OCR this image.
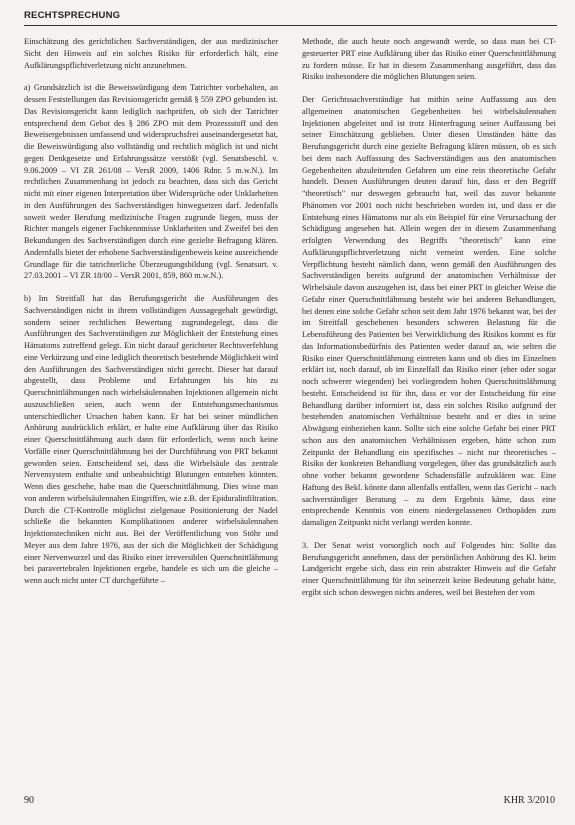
RECHTSPRECHUNG

Einschätzung des gerichtlichen Sachverständigen, der aus medizinischer Sicht den Hinweis auf ein solches Risiko für erforderlich hält, eine Aufklärungspflichtverletzung nicht anzunehmen.

a) Grundsätzlich ist die Beweiswürdigung dem Tatrichter vorbehalten, an dessen Feststellungen das Revisionsgericht gemäß § 559 ZPO gebunden ist. Das Revisionsgericht kann lediglich nachprüfen, ob sich der Tatrichter entsprechend dem Gebot des § 286 ZPO mit dem Prozessstoff und den Beweisergebnissen umfassend und widerspruchsfrei auseinandergesetzt hat, die Beweiswürdigung also vollständig und rechtlich möglich ist und nicht gegen Denkgesetze und Erfahrungssätze verstößt (vgl. Senatsbeschl. v. 9.06.2009 – VI ZR 261/08 – VersR 2009, 1406 Rdnr. 5 m.w.N.). Im rechtlichen Zusammenhang ist jedoch zu beachten, dass sich das Gericht nicht mit einer eigenen Interpretation über Widersprüche oder Unklarheiten in den Ausführungen des Sachverständigen hinwegsetzen darf. Jedenfalls soweit weder Berufung medizinische Fragen zugrunde liegen, muss der Richter mangels eigener Fachkenntnisse Unklarheiten und Zweifel bei den Bekundungen des Sachverständigen durch eine gezielte Befragung klären. Andernfalls bietet der erhobene Sachverständigenbeweis keine ausreichende Grundlage für die tatrichterliche Überzeugungsbildung (vgl. Senatsurt. v. 27.03.2001 – VI ZR 18/00 – VersR 2001, 859, 860 m.w.N.).

b) Im Streitfall hat das Berufungsgericht die Ausführungen des Sachverständigen nicht in ihrem vollständigen Aussagegehalt gewürdigt, sondern seiner rechtlichen Bewertung zugrundegelegt, dass die Ausführungen des Sachverständigen zur Möglichkeit der Entstehung eines Hämatoms zutreffend gelegt. Ein nicht darauf gerichteter Rechtsverfehlung eine Verkürzung und eine lediglich theoretisch bestehende Möglichkeit wird den Ausführungen des Sachverständigen nicht gerecht. Dieser hat darauf abgestellt, dass Probleme und Erfahrungen bis hin zu Querschnittlähmungen nach wirbelsäulennahen Injektionen allgemein nicht auszuschließen seien, auch wenn der Entstehungsmechanismus unterschiedlicher Ursachen haben kann. Er hat bei seiner mündlichen Anhörung ausdrücklich erklärt, er halte eine Aufklärung über das Risiko einer Querschnittlähmung auch dann für erforderlich, wenn noch keine Vorfälle einer Querschnittlähmung bei der Durchführung von PRT bekannt geworden seien. Entscheidend sei, dass die Wirbelsäule das zentrale Nervensystem enthalte und unbeabsichtigt Blutungen entstehen könnten. Wenn dies geschehe, habe man die Querschnittlähmung. Dies wisse man von anderen wirbelsäulennahen Eingriffen, wie z.B. der Epiduralinfiltration. Durch die CT-Kontrolle möglichst zielgenaue Positionierung der Nadel schließe die bekannten Komplikationen anderer wirbelsäulennahen Injektionstechniken nicht aus. Bei der Veröffentlichung von Stöhr und Meyer aus dem Jahre 1976, aus der sich die Möglichkeit der Schädigung einer Nervenwurzel und das Risiko einer irreversiblen Querschnittlähmung bei paravertebralen Injektionen ergebe, handele es sich um die gleiche – wenn auch nicht unter CT durchgeführte –

Methode, die auch heute noch angewandt werde, so dass man bei CT-gesteuerter PRT eine Aufklärung über das Risiko einer Querschnittlähmung zu fordern müsse. Er hat in diesem Zusammenhang ausgeführt, dass das Risiko insbesondere die möglichen Blutungen seien.

Der Gerichtssachverständige hat mithin seine Auffassung aus den allgemeinen anatomischen Gegebenheiten bei wirbelsäulennahen Injektionen abgeleitet und ist trotz Hinterfragung seiner Auffassung bei seiner Einschätzung geblieben. Unter diesen Umständen hätte das Berufungsgericht durch eine gezielte Befragung klären müssen, ob es sich bei dem nach Auffassung des Sachverständigen aus den anatomischen Gegebenheiten abzuleitenden Gefahren um eine rein theoretische Gefahr handelt. Dessen Ausführungen deuten darauf hin, dass er den Begriff "theoretisch" nur deswegen gebraucht hat, weil das zuvor bekannte Phänomen vor 2001 noch nicht beschrieben worden ist, und dass er die Entstehung eines Hämatoms nur als ein Beispiel für eine Verursachung der Schädigung angesehen hat. Allein wegen der in diesem Zusammenhang erfolgten Verwendung des Begriffs "theoretisch" kann eine Aufklärungspflichtverletzung nicht verneint werden. Eine solche Verpflichtung besteht nämlich dann, wenn gemäß den Ausführungen des Sachverständigen bereits aufgrund der anatomischen Verhältnisse der Wirbelsäule davon auszugehen ist, dass bei einer PRT in gleicher Weise die Gefahr einer Querschnittlähmung besteht wie bei anderen Behandlungen, bei denen eine solche Gefahr schon seit dem Jahr 1976 bekannt war, bei der im Streitfall geschehenen besonders schweren Belastung für die Lebensführung des Patienten bei Verwirklichung des Risikos kommt es für das Informationsbedürfnis des Patienten weder darauf an, wie selten die Risiko einer Querschnittlähmung eintreten kann und ob dies im Einzelnen erklärt ist, noch darauf, ob im Einzelfall das Risiko einer (eher oder sogar noch schwerer wiegenden) bei vorliegendem hohen Querschnittslähmung besteht. Entscheidend ist für ihn, dass er vor der Entscheidung für eine Behandlung darüber informiert ist, dass ein solches Risiko aufgrund der bestehenden anatomischen Verhältnisse besteht und er dies in seine Abwägung einbeziehen kann. Sollte sich eine solche Gefahr bei einer PRT schon aus den anatomischen Verhältnissen ergeben, hätte schon zum Zeitpunkt der Behandlung ein spezifisches – nicht nur theoretisches – Risiko der konkreten Behandlung vorgelegen, über das grundsätzlich auch ohne vorher bekannt gewordene Schadensfälle aufzuklären war. Eine Haftung des Bekl. könnte dann allenfalls entfallen, wenn das Gericht – nach sachverständiger Beratung – zu dem Ergebnis käme, dass eine entsprechende Kenntnis von einem niedergelassenen Orthopäden zum damaligen Zeitpunkt nicht verlangt werden konnte.

3. Der Senat weist vorsorglich noch auf Folgendes hin: Sollte das Berufungsgericht annehmen, dass der persönlichen Anhörung des Kl. beim Landgericht ergebe sich, dass ein rein abstrakter Hinweis auf die Gefahr einer Querschnittlähmung für ihn seinerzeit keine Bedeutung gehabt hätte, ergibt sich schon deswegen nichts anderes, weil bei Bestehen der vom

90	KHR 3/2010
